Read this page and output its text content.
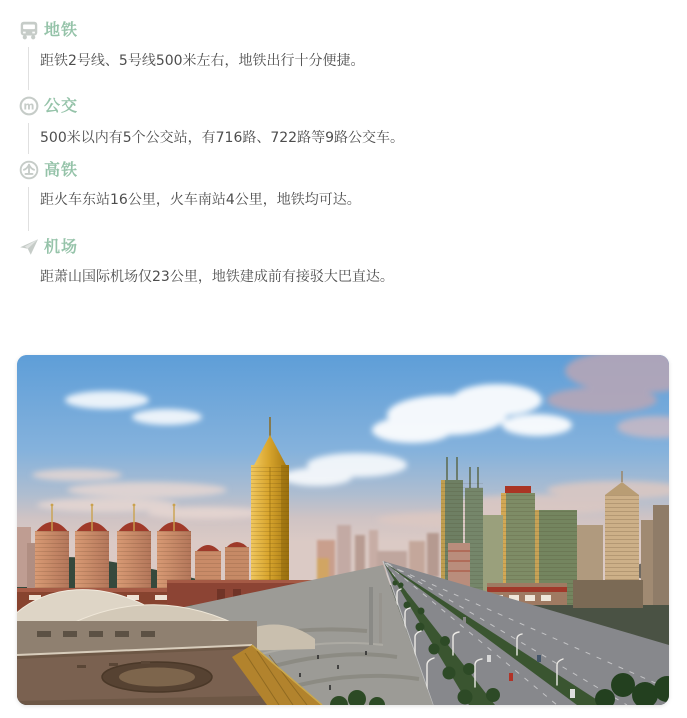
地铁

距铁2号线、5号线500米左右，地铁出行十分便捷。

m 公交

500米以内有5个公交站，有716路、722路等9路公交车。

高铁

距火车东站16公里，火车南站4公里，地铁均可达。

机场

距萧山国际机场仅23公里，地铁建成前有接驳大巴直达。
